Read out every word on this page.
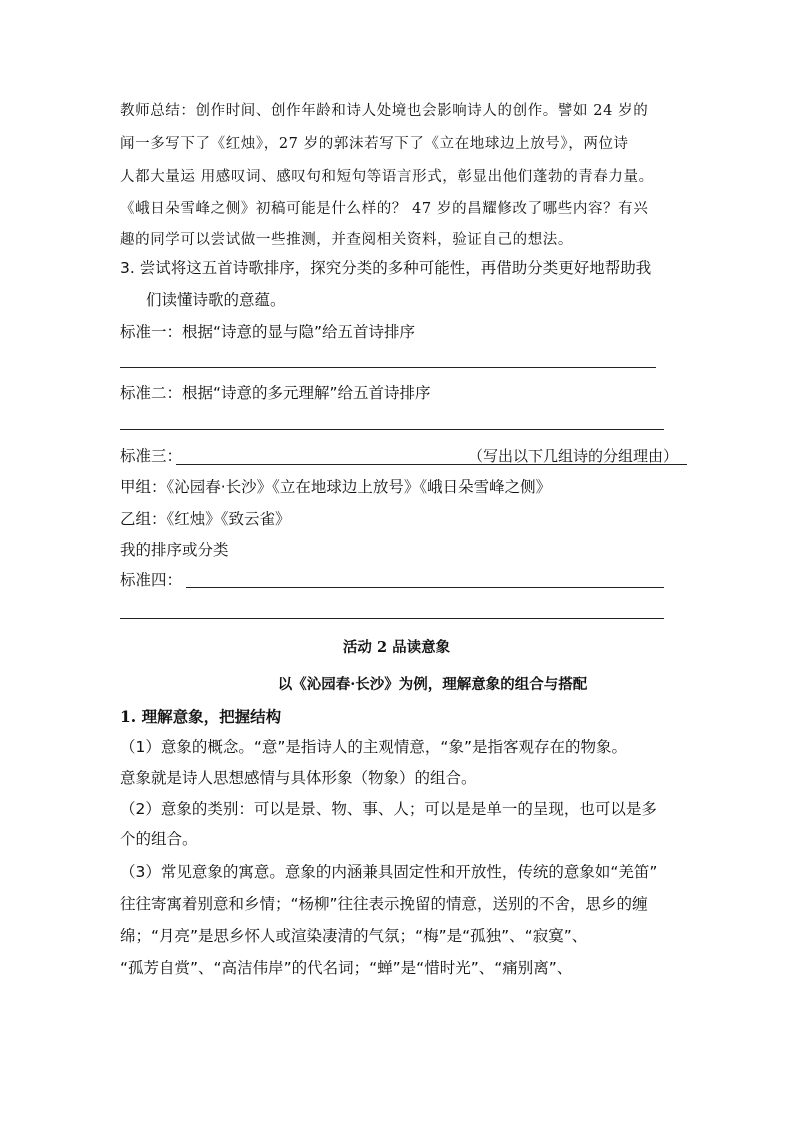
教师总结：创作时间、创作年龄和诗人处境也会影响诗人的创作。譬如 24 岁的
闻一多写下了《红烛》，27 岁的郭沫若写下了《立在地球边上放号》，两位诗
人都大量运 用感叹词、感叹句和短句等语言形式，彰显出他们蓬勃的青春力量。
《峨日朵雪峰之侧》初稿可能是什么样的？ 47 岁的昌耀修改了哪些内容？有兴
趣的同学可以尝试做一些推测，并查阅相关资料，验证自己的想法。
3. 尝试将这五首诗歌排序，探究分类的多种可能性，再借助分类更好地帮助我
们读懂诗歌的意蕴。
标准一：根据“诗意的显与隐”给五首诗排序
标准二：根据“诗意的多元理解”给五首诗排序
标准三：	（写出以下几组诗的分组理由）
甲组：《沁园春·长沙》《立在地球边上放号》《峨日朵雪峰之侧》
乙组：《红烛》《致云雀》
我的排序或分类
标准四：
活动 2 品读意象
以《沁园春·长沙》为例，理解意象的组合与搭配
1. 理解意象，把握结构
（1）意象的概念。“意”是指诗人的主观情意，“象”是指客观存在的物象。
意象就是诗人思想感情与具体形象（物象）的组合。
（2）意象的类别：可以是景、物、事、人；可以是是单一的呈现，也可以是多
个的组合。
（3）常见意象的寓意。意象的内涵兼具固定性和开放性，传统的意象如“羌笛”
往往寄寓着别意和乡情；“杨柳”往往表示挽留的情意，送别的不舍，思乡的缠
绵；“月亮”是思乡怀人或渲染凄清的气氛；“梅”是“孤独”、“寂寞”、
“孤芳自赏”、“高洁伟岸”的代名词；“蝉”是“惜时光”、“痛别离”、
